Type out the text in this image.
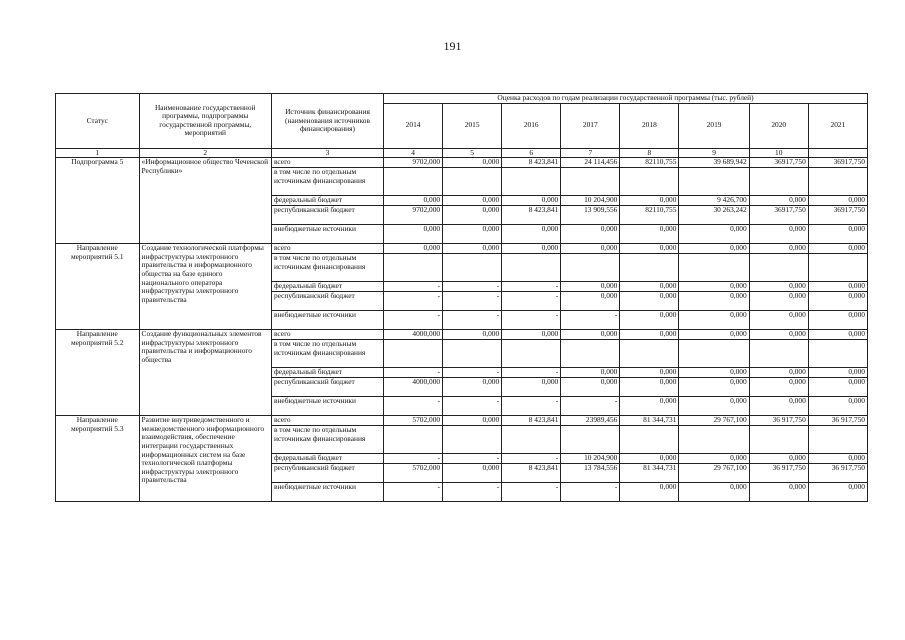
191
Статус	Наименование государственной программы, подпрограммы государственной программы, мероприятий	Источник финансирования (наименования источников финансирования)	Оценка расходов по годам реализации государственной программы (тыс. рублей)							
			2014	2015	2016	2017	2018	2019	2020	2021
1	2	3	4	5	6	7	8	9	10	
Подпрограмма 5	«Информационное общество Чеченской Республики»	всего	9702,000	0,000	8 423,841	24 114,456	82110,755	39 689,942	36917,750	36917,750
		в том числе по отдельным источникам финансирования								
		федеральный бюджет	0,000	0,000	0,000	10 204,900	0,000	9 426,700	0,000	0,000
		республиканский бюджет	9702,000	0,000	8 423,841	13 909,556	82110,755	30 263,242	36917,750	36917,750
		внебюджетные источники	0,000	0,000	0,000	0,000	0,000	0,000	0,000	0,000
Направление мероприятий 5.1	Создание технологической платформы инфраструктуры электронного правительства и информационного общества на базе единого национального оператора инфраструктуры электронного правительства	всего	0,000	0,000	0,000	0,000	0,000	0,000	0,000	0,000
		в том числе по отдельным источникам финансирования								
		федеральный бюджет	-	-	-	0,000	0,000	0,000	0,000	0,000
		республиканский бюджет	-	-	-	0,000	0,000	0,000	0,000	0,000
		внебюджетные источники	-	-	-	-	0,000	0,000	0,000	0,000
Направление мероприятий 5.2	Создание функциональных элементов инфраструктуры электронного правительства и информационного общества	всего	4000,000	0,000	0,000	0,000	0,000	0,000	0,000	0,000
		в том числе по отдельным источникам финансирования								
		федеральный бюджет	-	-	-	0,000	0,000	0,000	0,000	0,000
		республиканский бюджет	4000,000	0,000	0,000	0,000	0,000	0,000	0,000	0,000
		внебюджетные источники	-	-	-	-	0,000	0,000	0,000	0,000
Направление мероприятий 5.3	Развитие внутриведомственного и межведомственного информационного взаимодействия, обеспечение интеграции государственных информационных систем на базе технологической платформы инфраструктуры электронного правительства	всего	5702,000	0,000	8 423,841	23989,456	81 344,731	29 767,100	36 917,750	36 917,750
		в том числе по отдельным источникам финансирования								
		федеральный бюджет	-	-	-	10 204,900	0,000	0,000	0,000	0,000
		республиканский бюджет	5702,000	0,000	8 423,841	13 784,556	81 344,731	29 767,100	36 917,750	36 917,750
		внебюджетные источники	-	-	-	-	0,000	0,000	0,000	0,000
